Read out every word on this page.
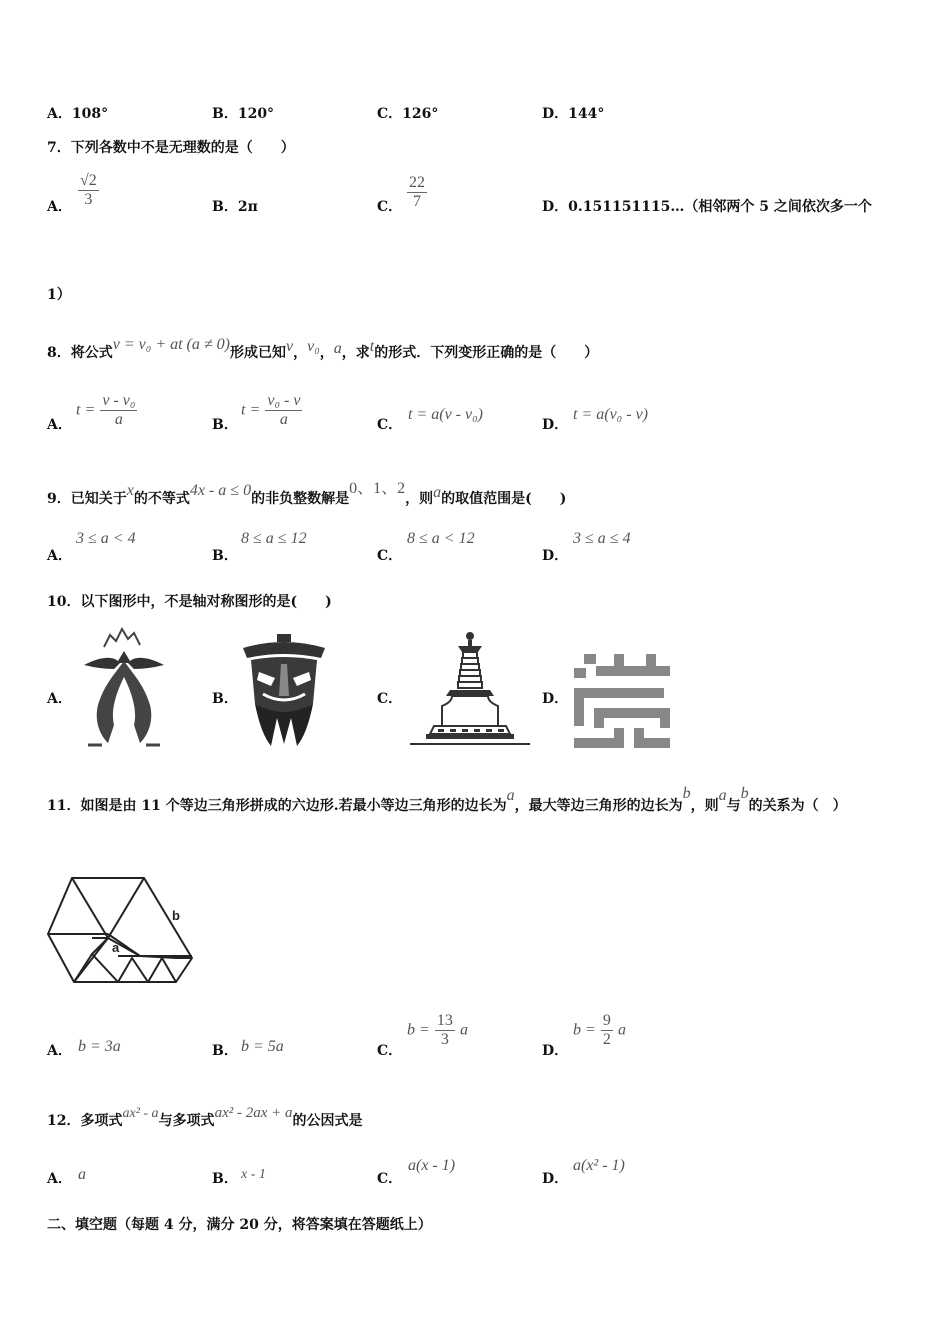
A．108°	B．120°	C．126°	D．144°
7．下列各数中不是无理数的是（　　）
A． $\frac{√2}{3}$	B．2π	C． $\frac{22}{7}$	D．0.151151115…（相邻两个 5 之间依次多一个
1）
8．将公式v = v₀ + at (a ≠ 0)形成已知v，v₀，a，求t的形式．下列变形正确的是（　　）
A．
$t = \frac{\text{v - v₀}}{a}$	B．
$t = \frac{\text{v₀ - v}}{a}$	C．
t = a(v - v₀)
D．
t = a(v₀ - v)
9．已知关于x的不等式4x - a ≤ 0的非负整数解是0、1、2，则a的取值范围是(　　)
A．
3 ≤ a < 4
B．
8 ≤ a ≤ 12
C．
8 ≤ a < 12
D．
3 ≤ a ≤ 4
10．以下图形中，不是轴对称图形的是(　　)
A．	B．	C．	D．
11．如图是由 11 个等边三角形拼成的六边形.若最小等边三角形的边长为a，最大等边三角形的边长为b，则a与b的关系为（　）
b
a
A． b = 3a	B． b = 5a	C．
$b = \frac{13}{3}$ a
D．
$b = \frac{9}{2}$ a
12．多项式ax² - a与多项式ax² - 2ax + a的公因式是
A． a	B． x - 1	C．
a(x - 1)
D．
a(x² - 1)
二、填空题（每题 4 分，满分 20 分，将答案填在答题纸上）
